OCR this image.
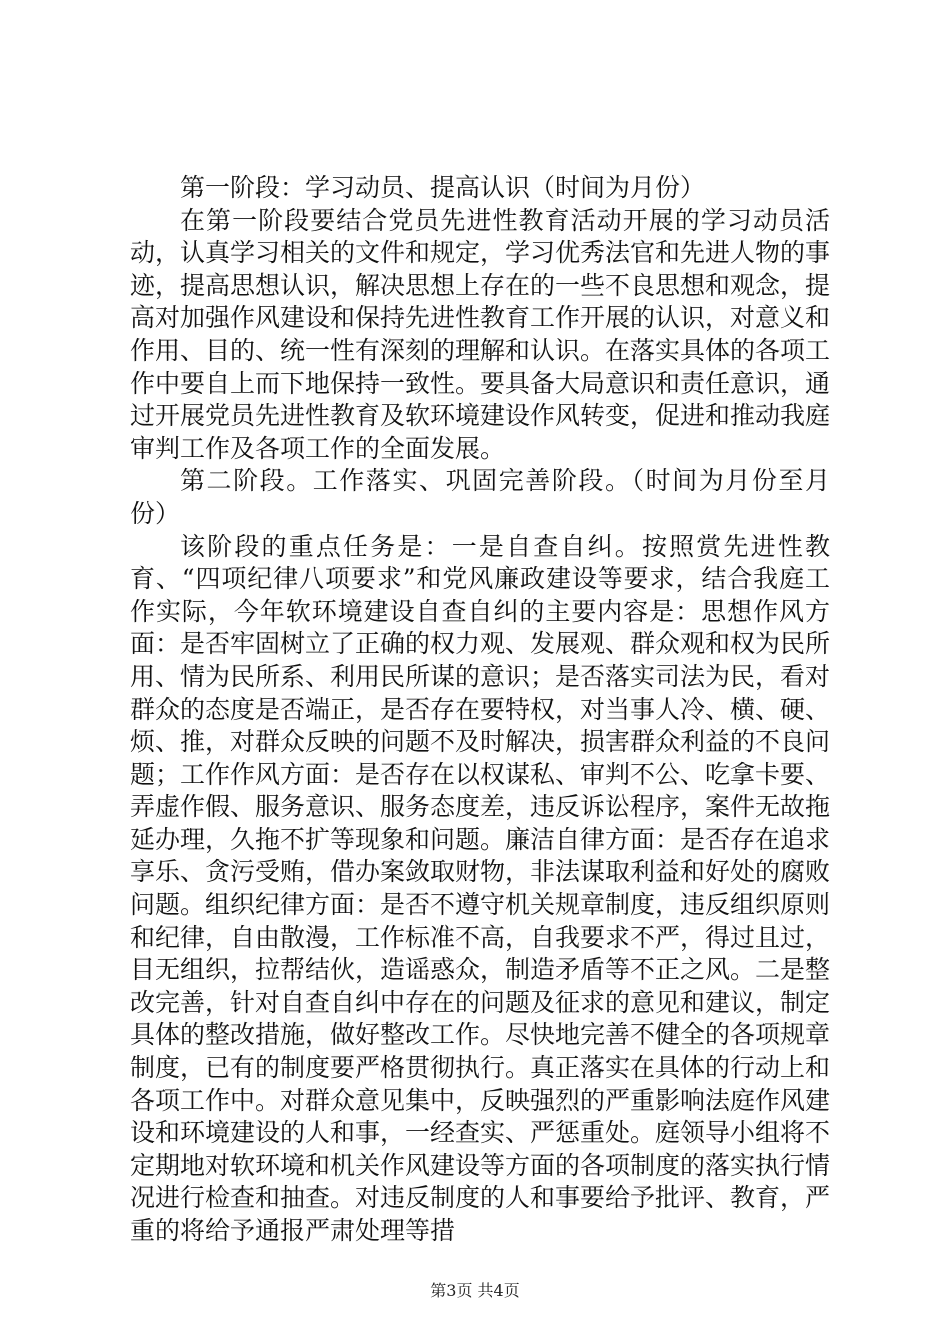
第一阶段：学习动员、提高认识（时间为月份）

在第一阶段要结合党员先进性教育活动开展的学习动员活动，认真学习相关的文件和规定，学习优秀法官和先进人物的事迹，提高思想认识，解决思想上存在的一些不良思想和观念，提高对加强作风建设和保持先进性教育工作开展的认识，对意义和作用、目的、统一性有深刻的理解和认识。在落实具体的各项工作中要自上而下地保持一致性。要具备大局意识和责任意识，通过开展党员先进性教育及软环境建设作风转变，促进和推动我庭审判工作及各项工作的全面发展。

第二阶段。工作落实、巩固完善阶段。（时间为月份至月份）

该阶段的重点任务是：一是自查自纠。按照赏先进性教育、“四项纪律八项要求”和党风廉政建设等要求，结合我庭工作实际，今年软环境建设自查自纠的主要内容是：思想作风方面：是否牢固树立了正确的权力观、发展观、群众观和权为民所用、情为民所系、利用民所谋的意识；是否落实司法为民，看对群众的态度是否端正，是否存在要特权，对当事人冷、横、硬、烦、推，对群众反映的问题不及时解决，损害群众利益的不良问题；工作作风方面：是否存在以权谋私、审判不公、吃拿卡要、弄虚作假、服务意识、服务态度差，违反诉讼程序，案件无故拖延办理，久拖不扩等现象和问题。廉洁自律方面：是否存在追求享乐、贪污受贿，借办案敛取财物，非法谋取利益和好处的腐败问题。组织纪律方面：是否不遵守机关规章制度，违反组织原则和纪律，自由散漫，工作标准不高，自我要求不严，得过且过，目无组织，拉帮结伙，造谣惑众，制造矛盾等不正之风。二是整改完善，针对自查自纠中存在的问题及征求的意见和建议，制定具体的整改措施，做好整改工作。尽快地完善不健全的各项规章制度，已有的制度要严格贯彻执行。真正落实在具体的行动上和各项工作中。对群众意见集中，反映强烈的严重影响法庭作风建设和环境建设的人和事，一经查实、严惩重处。庭领导小组将不定期地对软环境和机关作风建设等方面的各项制度的落实执行情况进行检查和抽查。对违反制度的人和事要给予批评、教育，严重的将给予通报严肃处理等措

第3页 共4页
